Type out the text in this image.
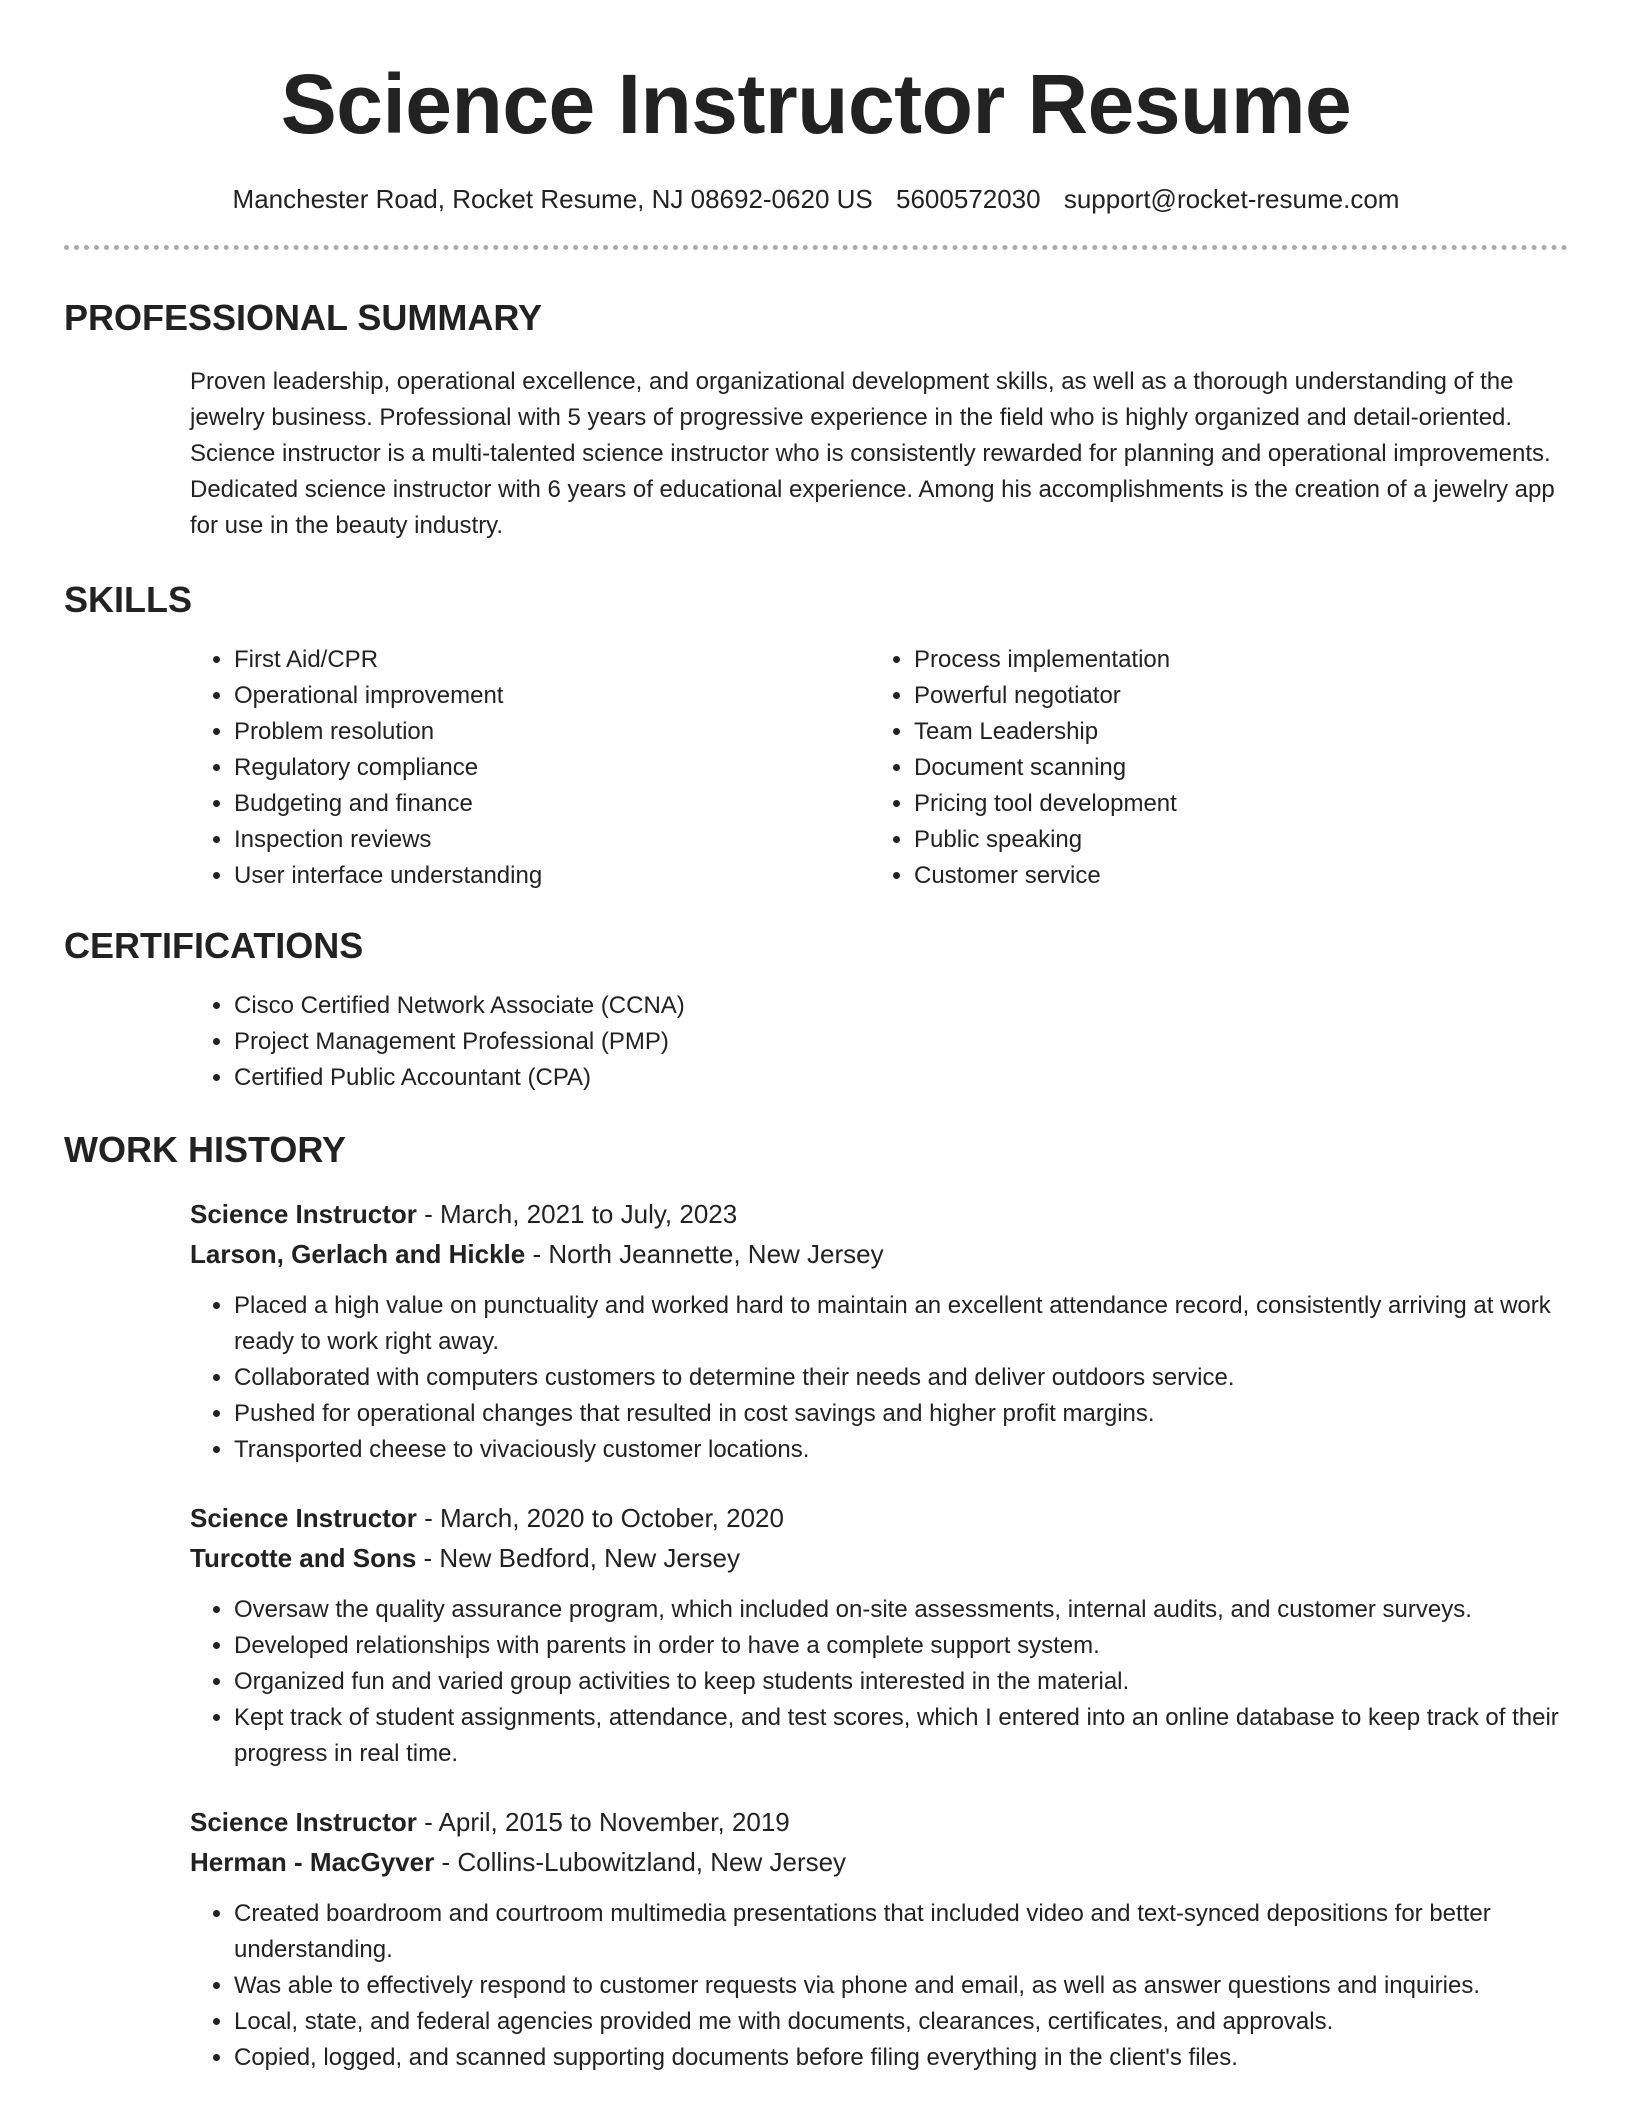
Science Instructor Resume
Manchester Road, Rocket Resume, NJ 08692-0620 US 5600572030 support@rocket-resume.com
PROFESSIONAL SUMMARY

Proven leadership, operational excellence, and organizational development skills, as well as a thorough understanding of the jewelry business. Professional with 5 years of progressive experience in the field who is highly organized and detail-oriented. Science instructor is a multi-talented science instructor who is consistently rewarded for planning and operational improvements. Dedicated science instructor with 6 years of educational experience. Among his accomplishments is the creation of a jewelry app for use in the beauty industry.

SKILLS
• First Aid/CPR
• Operational improvement
• Problem resolution
• Regulatory compliance
• Budgeting and finance
• Inspection reviews
• User interface understanding
• Process implementation
• Powerful negotiator
• Team Leadership
• Document scanning
• Pricing tool development
• Public speaking
• Customer service
CERTIFICATIONS
• Cisco Certified Network Associate (CCNA)
• Project Management Professional (PMP)
• Certified Public Accountant (CPA)
WORK HISTORY
Science Instructor - March, 2021 to July, 2023
Larson, Gerlach and Hickle - North Jeannette, New Jersey
• Placed a high value on punctuality and worked hard to maintain an excellent attendance record, consistently arriving at work ready to work right away.
• Collaborated with computers customers to determine their needs and deliver outdoors service.
• Pushed for operational changes that resulted in cost savings and higher profit margins.
• Transported cheese to vivaciously customer locations.
Science Instructor - March, 2020 to October, 2020
Turcotte and Sons - New Bedford, New Jersey
• Oversaw the quality assurance program, which included on-site assessments, internal audits, and customer surveys.
• Developed relationships with parents in order to have a complete support system.
• Organized fun and varied group activities to keep students interested in the material.
• Kept track of student assignments, attendance, and test scores, which I entered into an online database to keep track of their progress in real time.
Science Instructor - April, 2015 to November, 2019
Herman - MacGyver - Collins-Lubowitzland, New Jersey
• Created boardroom and courtroom multimedia presentations that included video and text-synced depositions for better understanding.
• Was able to effectively respond to customer requests via phone and email, as well as answer questions and inquiries.
• Local, state, and federal agencies provided me with documents, clearances, certificates, and approvals.
• Copied, logged, and scanned supporting documents before filing everything in the client's files.
